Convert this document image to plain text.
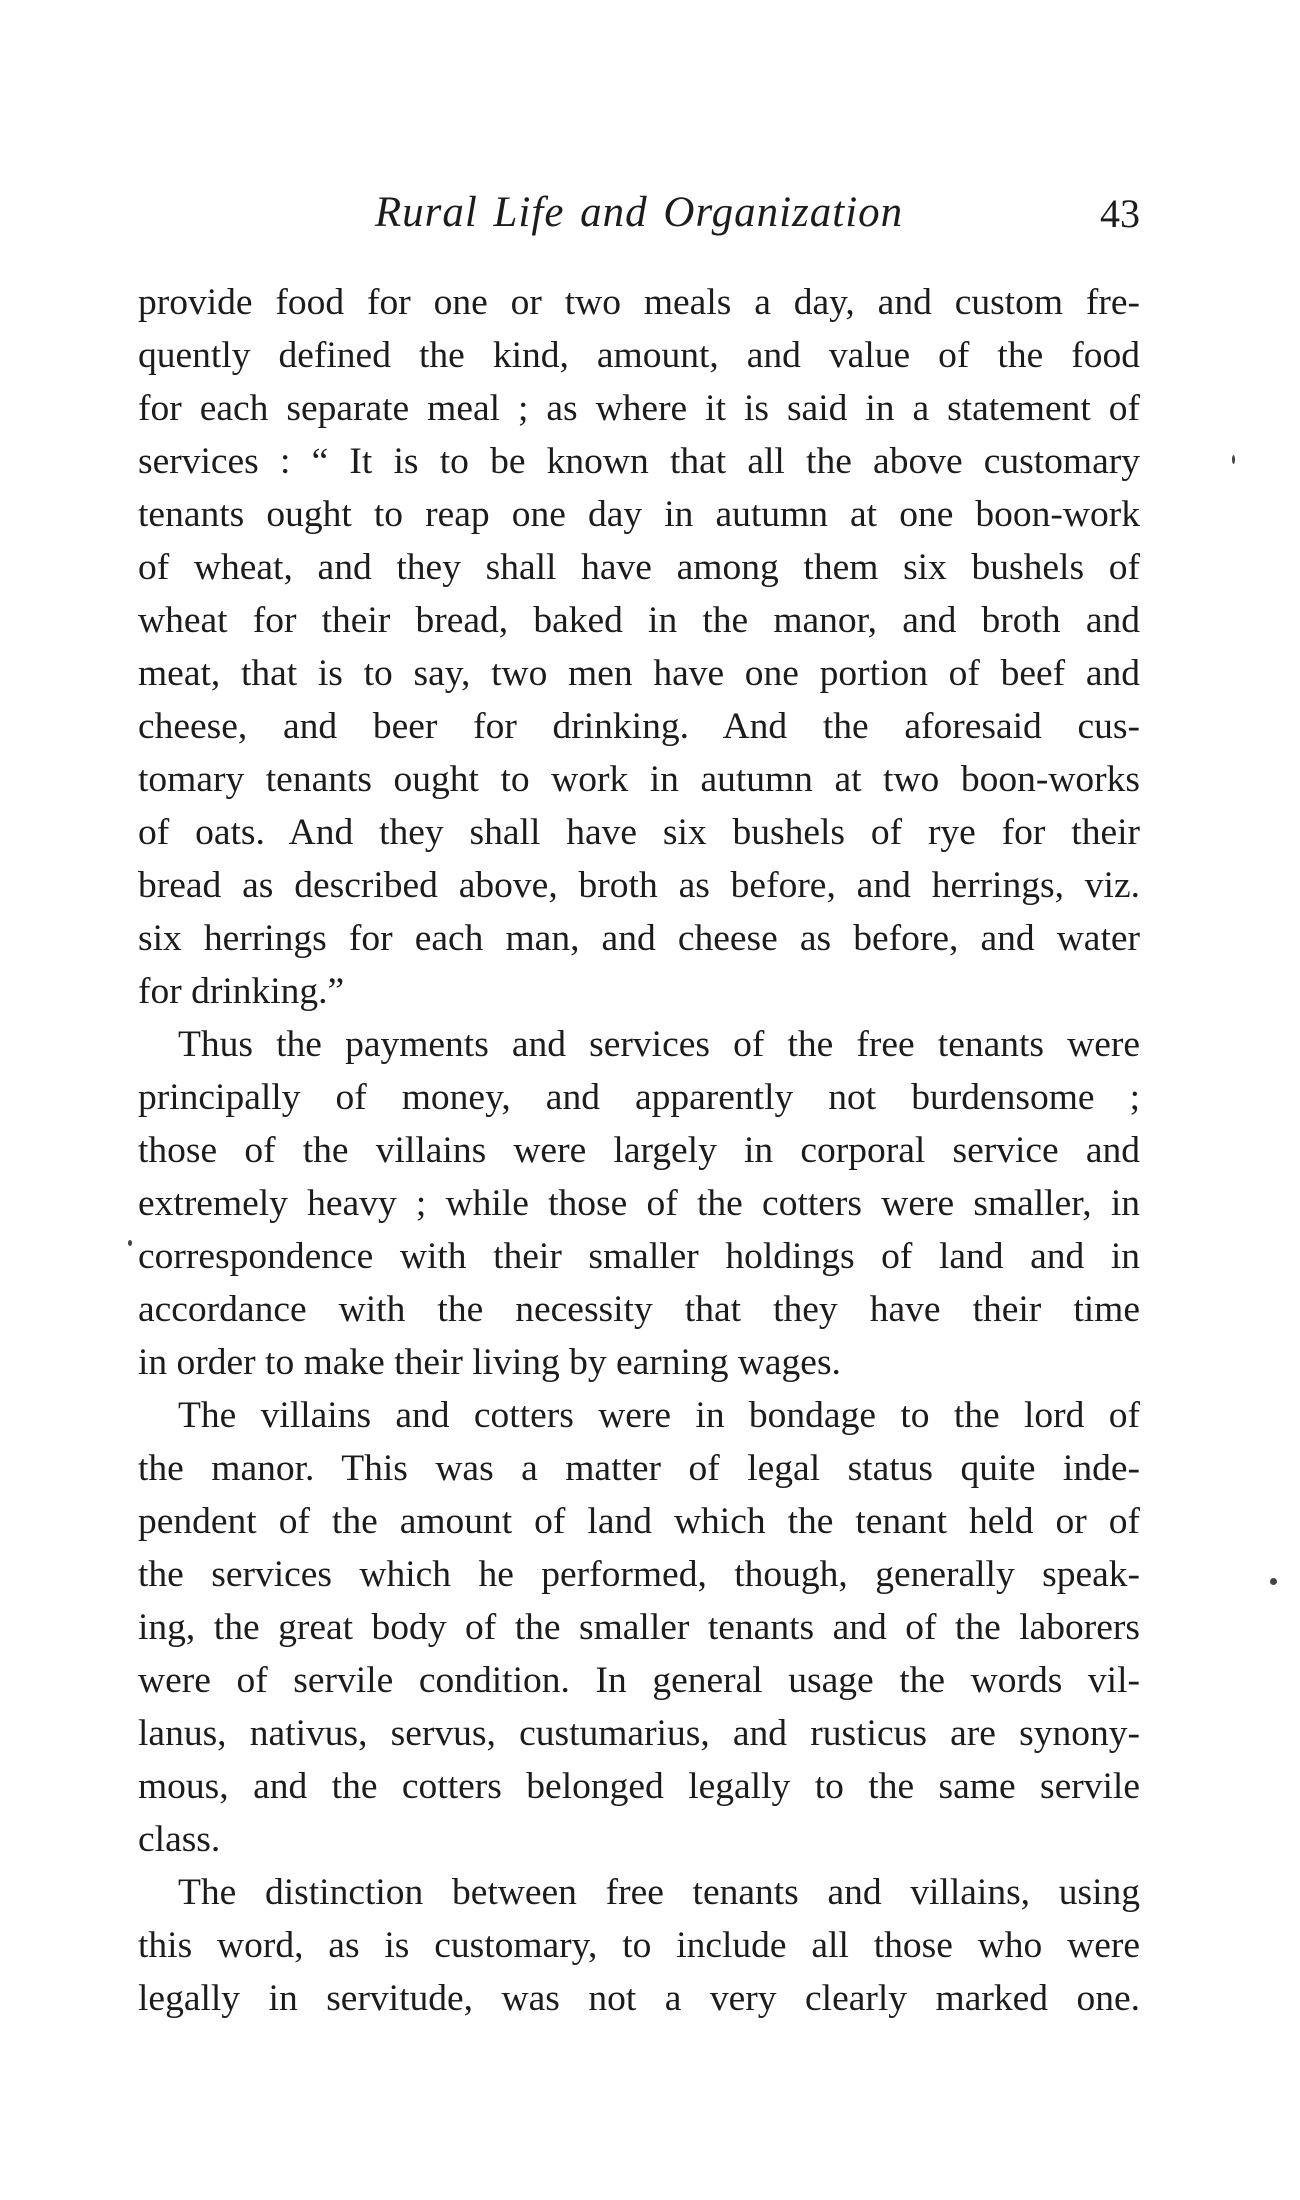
Rural Life and Organization	43
provide food for one or two meals a day, and custom fre-
quently defined the kind, amount, and value of the food
for each separate meal ; as where it is said in a statement of
services : “ It is to be known that all the above customary
tenants ought to reap one day in autumn at one boon-work
of wheat, and they shall have among them six bushels of
wheat for their bread, baked in the manor, and broth and
meat, that is to say, two men have one portion of beef and
cheese, and beer for drinking. And the aforesaid cus-
tomary tenants ought to work in autumn at two boon-works
of oats. And they shall have six bushels of rye for their
bread as described above, broth as before, and herrings, viz.
six herrings for each man, and cheese as before, and water
for drinking.”
Thus the payments and services of the free tenants were
principally of money, and apparently not burdensome ;
those of the villains were largely in corporal service and
extremely heavy ; while those of the cotters were smaller, in
correspondence with their smaller holdings of land and in
accordance with the necessity that they have their time
in order to make their living by earning wages.
The villains and cotters were in bondage to the lord of
the manor. This was a matter of legal status quite inde-
pendent of the amount of land which the tenant held or of
the services which he performed, though, generally speak-
ing, the great body of the smaller tenants and of the laborers
were of servile condition. In general usage the words vil-
lanus, nativus, servus, custumarius, and rusticus are synony-
mous, and the cotters belonged legally to the same servile
class.
The distinction between free tenants and villains, using
this word, as is customary, to include all those who were
legally in servitude, was not a very clearly marked one.
